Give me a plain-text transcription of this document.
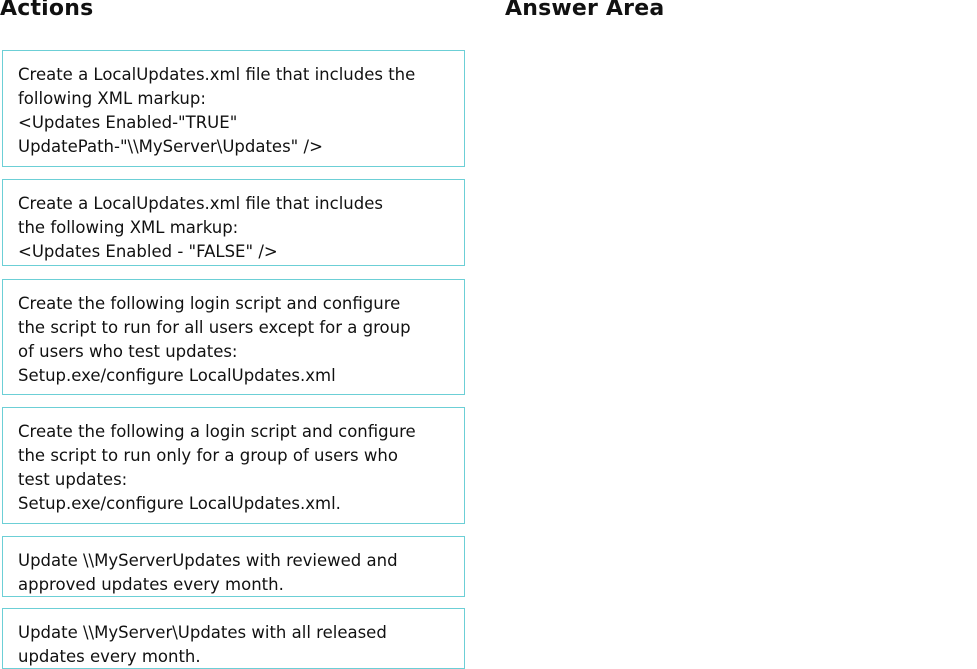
Actions	Answer Area
Create a LocalUpdates.xml file that includes the
following XML markup:
<Updates Enabled-"TRUE"
UpdatePath-"\\MyServer\Updates" />
Create a LocalUpdates.xml file that includes
the following XML markup:
<Updates Enabled - "FALSE" />
Create the following login script and configure
the script to run for all users except for a group
of users who test updates:
Setup.exe/configure LocalUpdates.xml
Create the following a login script and configure
the script to run only for a group of users who
test updates:
Setup.exe/configure LocalUpdates.xml.
Update \\MyServerUpdates with reviewed and
approved updates every month.
Update \\MyServer\Updates with all released
updates every month.
